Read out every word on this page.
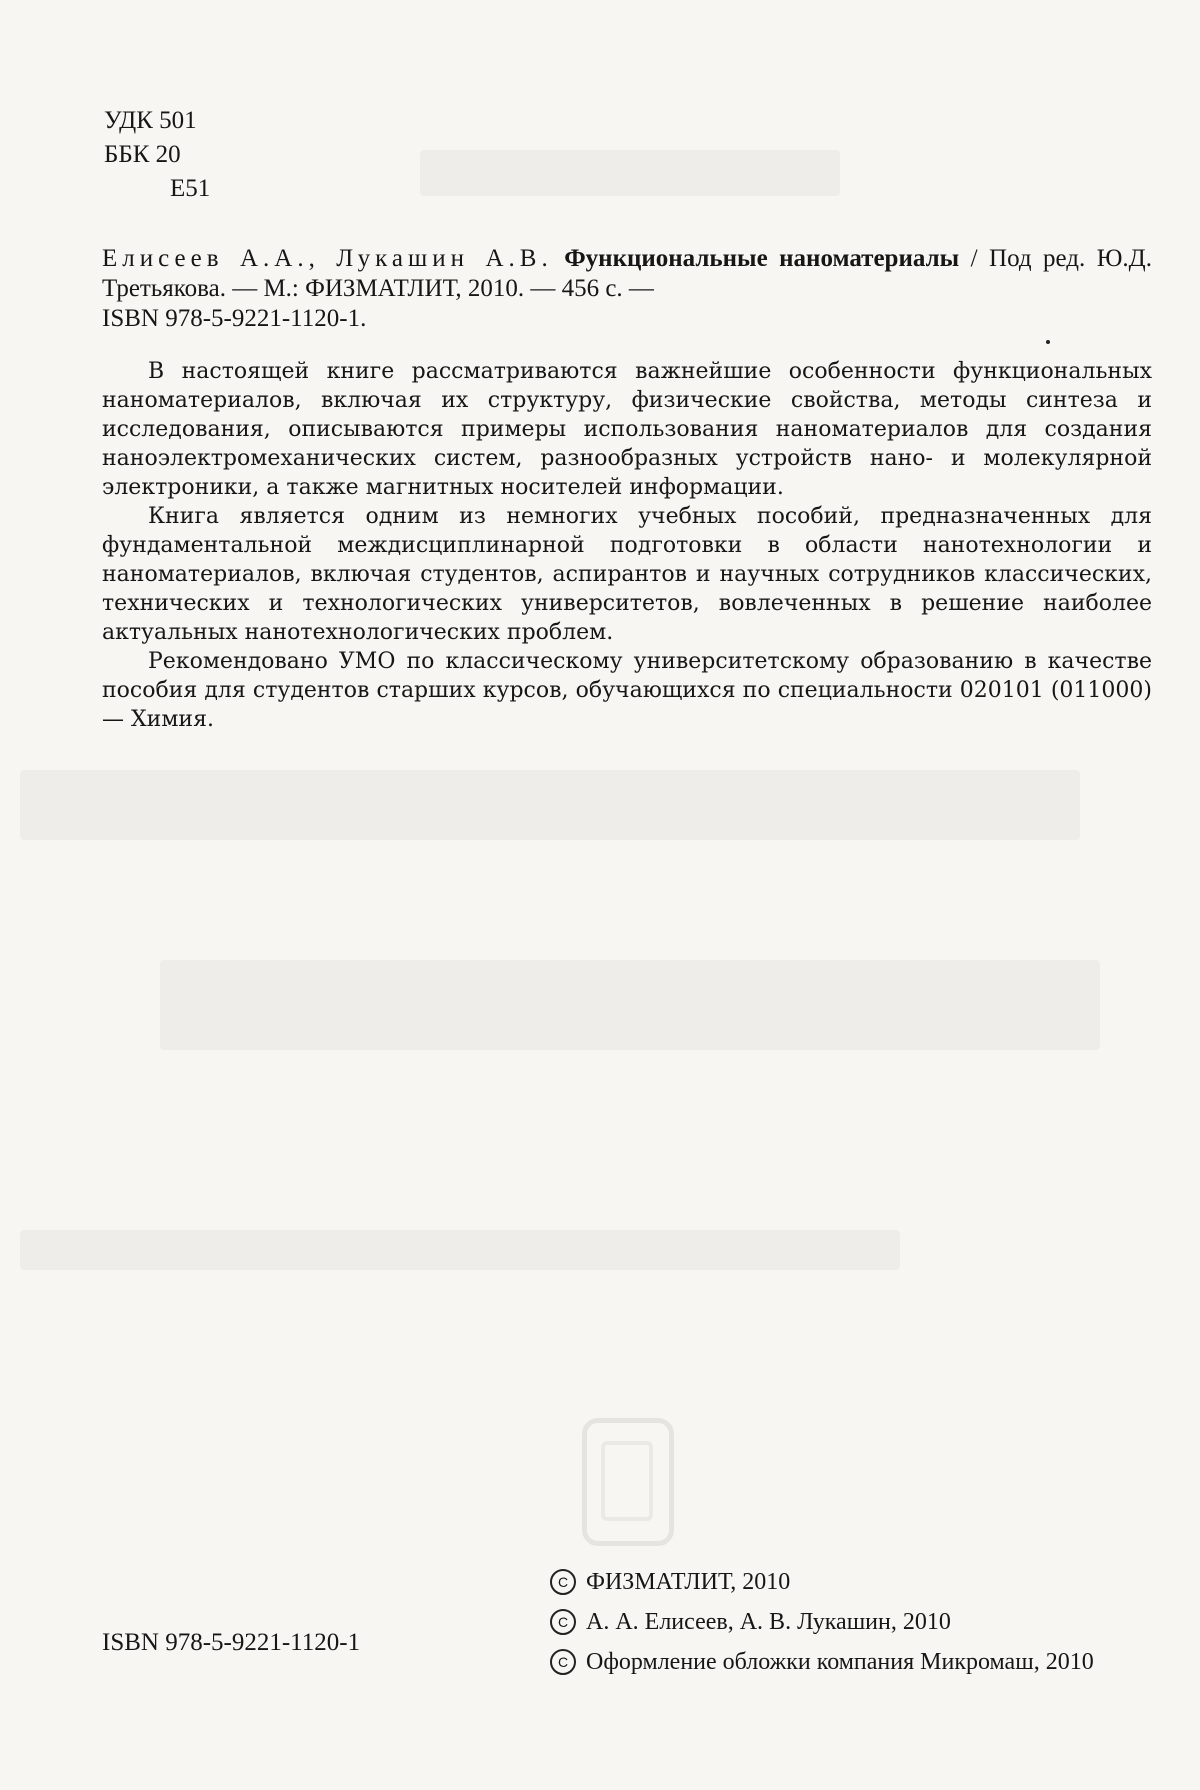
УДК 501
ББК 20
Е51
Елисеев А.А., Лукашин А.В. Функциональные наноматериалы / Под ред. Ю.Д. Третьякова. — М.: ФИЗМАТЛИТ, 2010. — 456 с. —
ISBN 978-5-9221-1120-1.

В настоящей книге рассматриваются важнейшие особенности функциональных наноматериалов, включая их структуру, физические свойства, методы синтеза и исследования, описываются примеры использования наноматериалов для создания наноэлектромеханических систем, разнообразных устройств нано- и молекулярной электроники, а также магнитных носителей информации.

Книга является одним из немногих учебных пособий, предназначенных для фундаментальной междисциплинарной подготовки в области нанотехнологии и наноматериалов, включая студентов, аспирантов и научных сотрудников классических, технических и технологических университетов, вовлеченных в решение наиболее актуальных нанотехнологических проблем.

Рекомендовано УМО по классическому университетскому образованию в качестве пособия для студентов старших курсов, обучающихся по специальности 020101 (011000) — Химия.

ISBN 978-5-9221-1120-1
C ФИЗМАТЛИТ, 2010
C А. А. Елисеев, А. В. Лукашин, 2010
C Оформление обложки компания Микромаш, 2010
